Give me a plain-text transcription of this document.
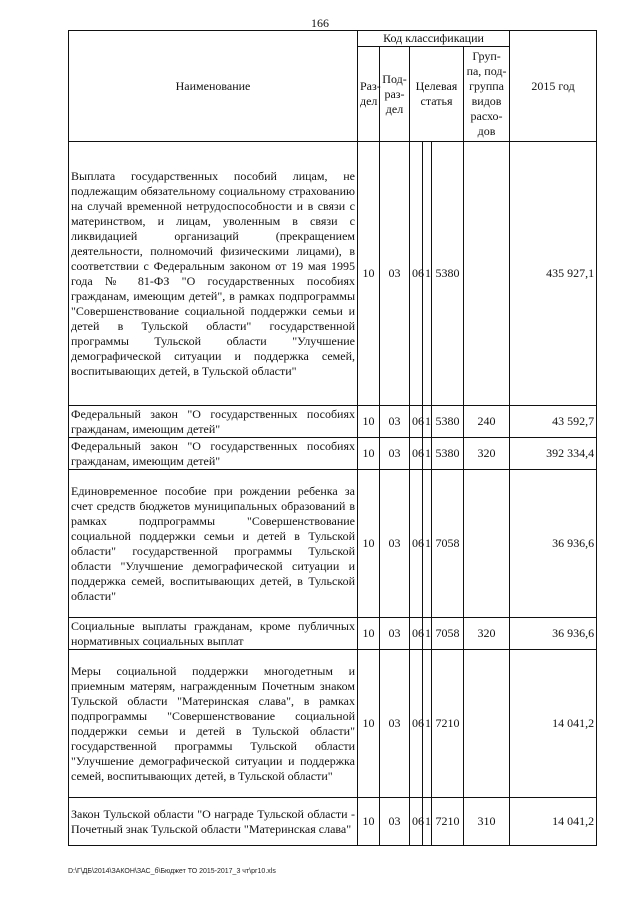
166
Наименование	Код классификации						2015 год
	Раз-дел	Под-раз-дел	Целевая статья			Груп-па, под-группа видов расхо-дов	
Выплата государственных пособий лицам, не подлежащим обязательному социальному страхованию на случай временной нетрудоспособности и в связи с материнством, и лицам, уволенным в связи с ликвидацией организаций (прекращением деятельности, полномочий физическими лицами), в соответствии с Федеральным законом от 19 мая 1995 года № 81-ФЗ "О государственных пособиях гражданам, имеющим детей", в рамках подпрограммы "Совершенствование социальной поддержки семьи и детей в Тульской области" государственной программы Тульской области "Улучшение демографической ситуации и поддержка семей, воспитывающих детей, в Тульской области"	10	03	06	1	5380		435 927,1
Федеральный закон "О государственных пособиях гражданам, имеющим детей"	10	03	06	1	5380	240	43 592,7
Федеральный закон "О государственных пособиях гражданам, имеющим детей"	10	03	06	1	5380	320	392 334,4
Единовременное пособие при рождении ребенка за счет средств бюджетов муниципальных образований в рамках подпрограммы "Совершенствование социальной поддержки семьи и детей в Тульской области" государственной программы Тульской области "Улучшение демографической ситуации и поддержка семей, воспитывающих детей, в Тульской области"	10	03	06	1	7058		36 936,6
Социальные выплаты гражданам, кроме публичных нормативных социальных выплат	10	03	06	1	7058	320	36 936,6
Меры социальной поддержки многодетным и приемным матерям, награжденным Почетным знаком Тульской области "Материнская слава", в рамках подпрограммы "Совершенствование социальной поддержки семьи и детей в Тульской области" государственной программы Тульской области "Улучшение демографической ситуации и поддержка семей, воспитывающих детей, в Тульской области"	10	03	06	1	7210		14 041,2
Закон Тульской области "О награде Тульской области - Почетный знак Тульской области "Материнская слава"	10	03	06	1	7210	310	14 041,2
D:\Г\ДБ\2014\ЗАКОН\ЗАС_б\Бюджет ТО 2015-2017_3 чт\рг10.xls
